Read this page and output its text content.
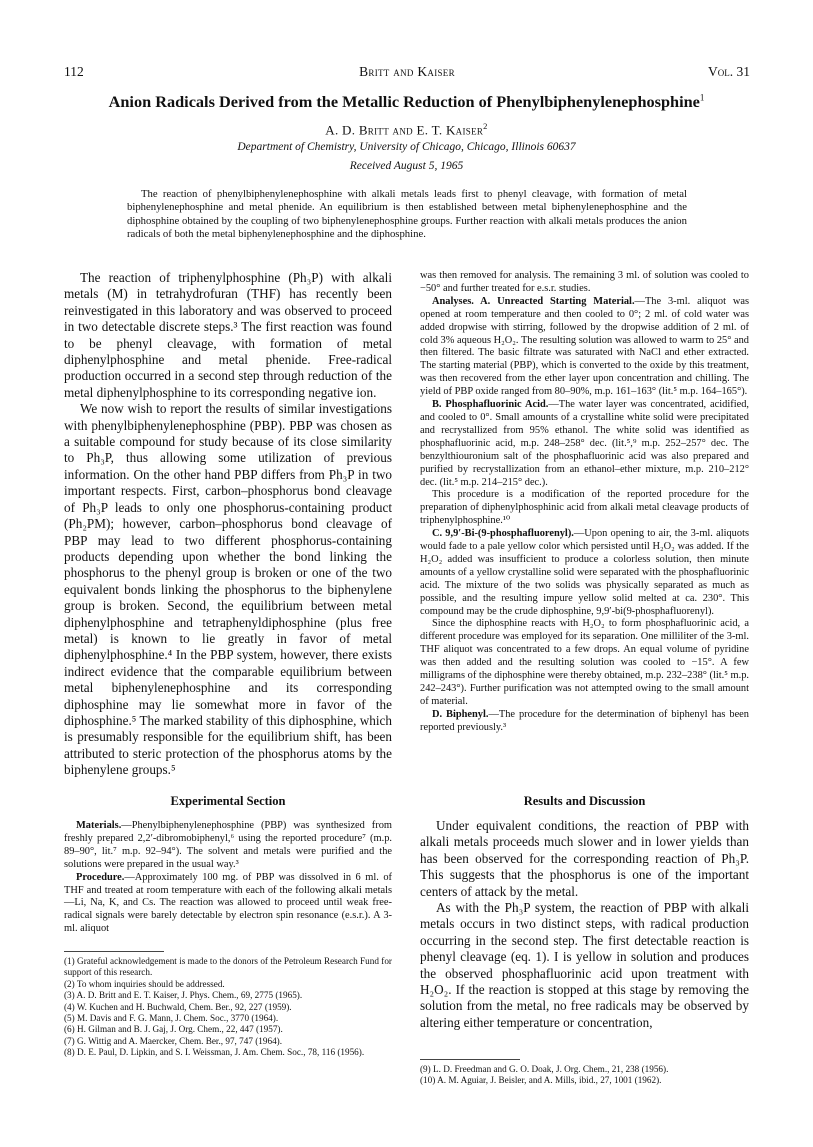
112	Britt and Kaiser	Vol. 31
Anion Radicals Derived from the Metallic Reduction of Phenylbiphenylenephosphine$^1$
A. D. Britt and E. T. Kaiser$^2$
Department of Chemistry, University of Chicago, Chicago, Illinois 60637
Received August 5, 1965

The reaction of phenylbiphenylenephosphine with alkali metals leads first to phenyl cleavage, with formation of metal biphenylenephosphine and metal phenide. An equilibrium is then established between metal biphenylenephosphine and the diphosphine obtained by the coupling of two biphenylenephosphine groups. Further reaction with alkali metals produces the anion radicals of both the metal biphenylenephosphine and the diphosphine.

The reaction of triphenylphosphine (Ph₃P) with alkali metals (M) in tetrahydrofuran (THF) has recently been reinvestigated in this laboratory and was observed to proceed in two detectable discrete steps.³ The first reaction was found to be phenyl cleavage, with formation of metal diphenylphosphine and metal phenide. Free-radical production occurred in a second step through reduction of the metal diphenylphosphine to its corresponding negative ion.

We now wish to report the results of similar investigations with phenylbiphenylenephosphine (PBP). PBP was chosen as a suitable compound for study because of its close similarity to Ph₃P, thus allowing some utilization of previous information. On the other hand PBP differs from Ph₃P in two important respects. First, carbon–phosphorus bond cleavage of Ph₃P leads to only one phosphorus-containing product (Ph₂PM); however, carbon–phosphorus bond cleavage of PBP may lead to two different phosphorus-containing products depending upon whether the bond linking the phosphorus to the phenyl group is broken or one of the two equivalent bonds linking the phosphorus to the biphenylene group is broken. Second, the equilibrium between metal diphenylphosphine and tetraphenyldiphosphine (plus free metal) is known to lie greatly in favor of metal diphenylphosphine.⁴ In the PBP system, however, there exists indirect evidence that the comparable equilibrium between metal biphenylenephosphine and its corresponding diphosphine may lie somewhat more in favor of the diphosphine.⁵ The marked stability of this diphosphine, which is presumably responsible for the equilibrium shift, has been attributed to steric protection of the phosphorus atoms by the biphenylene groups.⁵

Experimental Section

Materials.—Phenylbiphenylenephosphine (PBP) was synthesized from freshly prepared 2,2′-dibromobiphenyl,⁶ using the reported procedure⁷ (m.p. 89–90°, lit.⁷ m.p. 92–94°). The solvent and metals were purified and the solutions were prepared in the usual way.³

Procedure.—Approximately 100 mg. of PBP was dissolved in 6 ml. of THF and treated at room temperature with each of the following alkali metals—Li, Na, K, and Cs. The reaction was allowed to proceed until weak free-radical signals were barely detectable by electron spin resonance (e.s.r.). A 3-ml. aliquot

(1) Grateful acknowledgement is made to the donors of the Petroleum Research Fund for support of this research.

(2) To whom inquiries should be addressed.

(3) A. D. Britt and E. T. Kaiser, J. Phys. Chem., 69, 2775 (1965).

(4) W. Kuchen and H. Buchwald, Chem. Ber., 92, 227 (1959).

(5) M. Davis and F. G. Mann, J. Chem. Soc., 3770 (1964).

(6) H. Gilman and B. J. Gaj, J. Org. Chem., 22, 447 (1957).

(7) G. Wittig and A. Maercker, Chem. Ber., 97, 747 (1964).

(8) D. E. Paul, D. Lipkin, and S. I. Weissman, J. Am. Chem. Soc., 78, 116 (1956).

was then removed for analysis. The remaining 3 ml. of solution was cooled to −50° and further treated for e.s.r. studies.

Analyses. A. Unreacted Starting Material.—The 3-ml. aliquot was opened at room temperature and then cooled to 0°; 2 ml. of cold water was added dropwise with stirring, followed by the dropwise addition of 2 ml. of cold 3% aqueous H₂O₂. The resulting solution was allowed to warm to 25° and then filtered. The basic filtrate was saturated with NaCl and ether extracted. The starting material (PBP), which is converted to the oxide by this treatment, was then recovered from the ether layer upon concentration and chilling. The yield of PBP oxide ranged from 80–90%, m.p. 161–163° (lit.⁵ m.p. 164–165°).

B. Phosphafluorinic Acid.—The water layer was concentrated, acidified, and cooled to 0°. Small amounts of a crystalline white solid were precipitated and recrystallized from 95% ethanol. The white solid was identified as phosphafluorinic acid, m.p. 248–258° dec. (lit.⁵,⁹ m.p. 252–257° dec. The benzylthiouronium salt of the phosphafluorinic acid was also prepared and purified by recrystallization from an ethanol–ether mixture, m.p. 210–212° dec. (lit.⁵ m.p. 214–215° dec.).

This procedure is a modification of the reported procedure for the preparation of diphenylphosphinic acid from alkali metal cleavage products of triphenylphosphine.¹⁰

C. 9,9′-Bi-(9-phosphafluorenyl).—Upon opening to air, the 3-ml. aliquots would fade to a pale yellow color which persisted until H₂O₂ was added. If the H₂O₂ added was insufficient to produce a colorless solution, then minute amounts of a yellow crystalline solid were separated with the phosphafluorinic acid. The mixture of the two solids was physically separated as much as possible, and the resulting impure yellow solid melted at ca. 230°. This compound may be the crude diphosphine, 9,9′-bi(9-phosphafluorenyl).

Since the diphosphine reacts with H₂O₂ to form phosphafluorinic acid, a different procedure was employed for its separation. One milliliter of the 3-ml. THF aliquot was concentrated to a few drops. An equal volume of pyridine was then added and the resulting solution was cooled to −15°. A few milligrams of the diphosphine were thereby obtained, m.p. 232–238° (lit.⁵ m.p. 242–243°). Further purification was not attempted owing to the small amount of material.

D. Biphenyl.—The procedure for the determination of biphenyl has been reported previously.³

Results and Discussion

Under equivalent conditions, the reaction of PBP with alkali metals proceeds much slower and in lower yields than has been observed for the corresponding reaction of Ph₃P. This suggests that the phosphorus is one of the important centers of attack by the metal.

As with the Ph₃P system, the reaction of PBP with alkali metals occurs in two distinct steps, with radical production occurring in the second step. The first detectable reaction is phenyl cleavage (eq. 1). I is yellow in solution and produces the observed phosphafluorinic acid upon treatment with H₂O₂. If the reaction is stopped at this stage by removing the solution from the metal, no free radicals may be observed by altering either temperature or concentration,

(9) L. D. Freedman and G. O. Doak, J. Org. Chem., 21, 238 (1956).

(10) A. M. Aguiar, J. Beisler, and A. Mills, ibid., 27, 1001 (1962).
